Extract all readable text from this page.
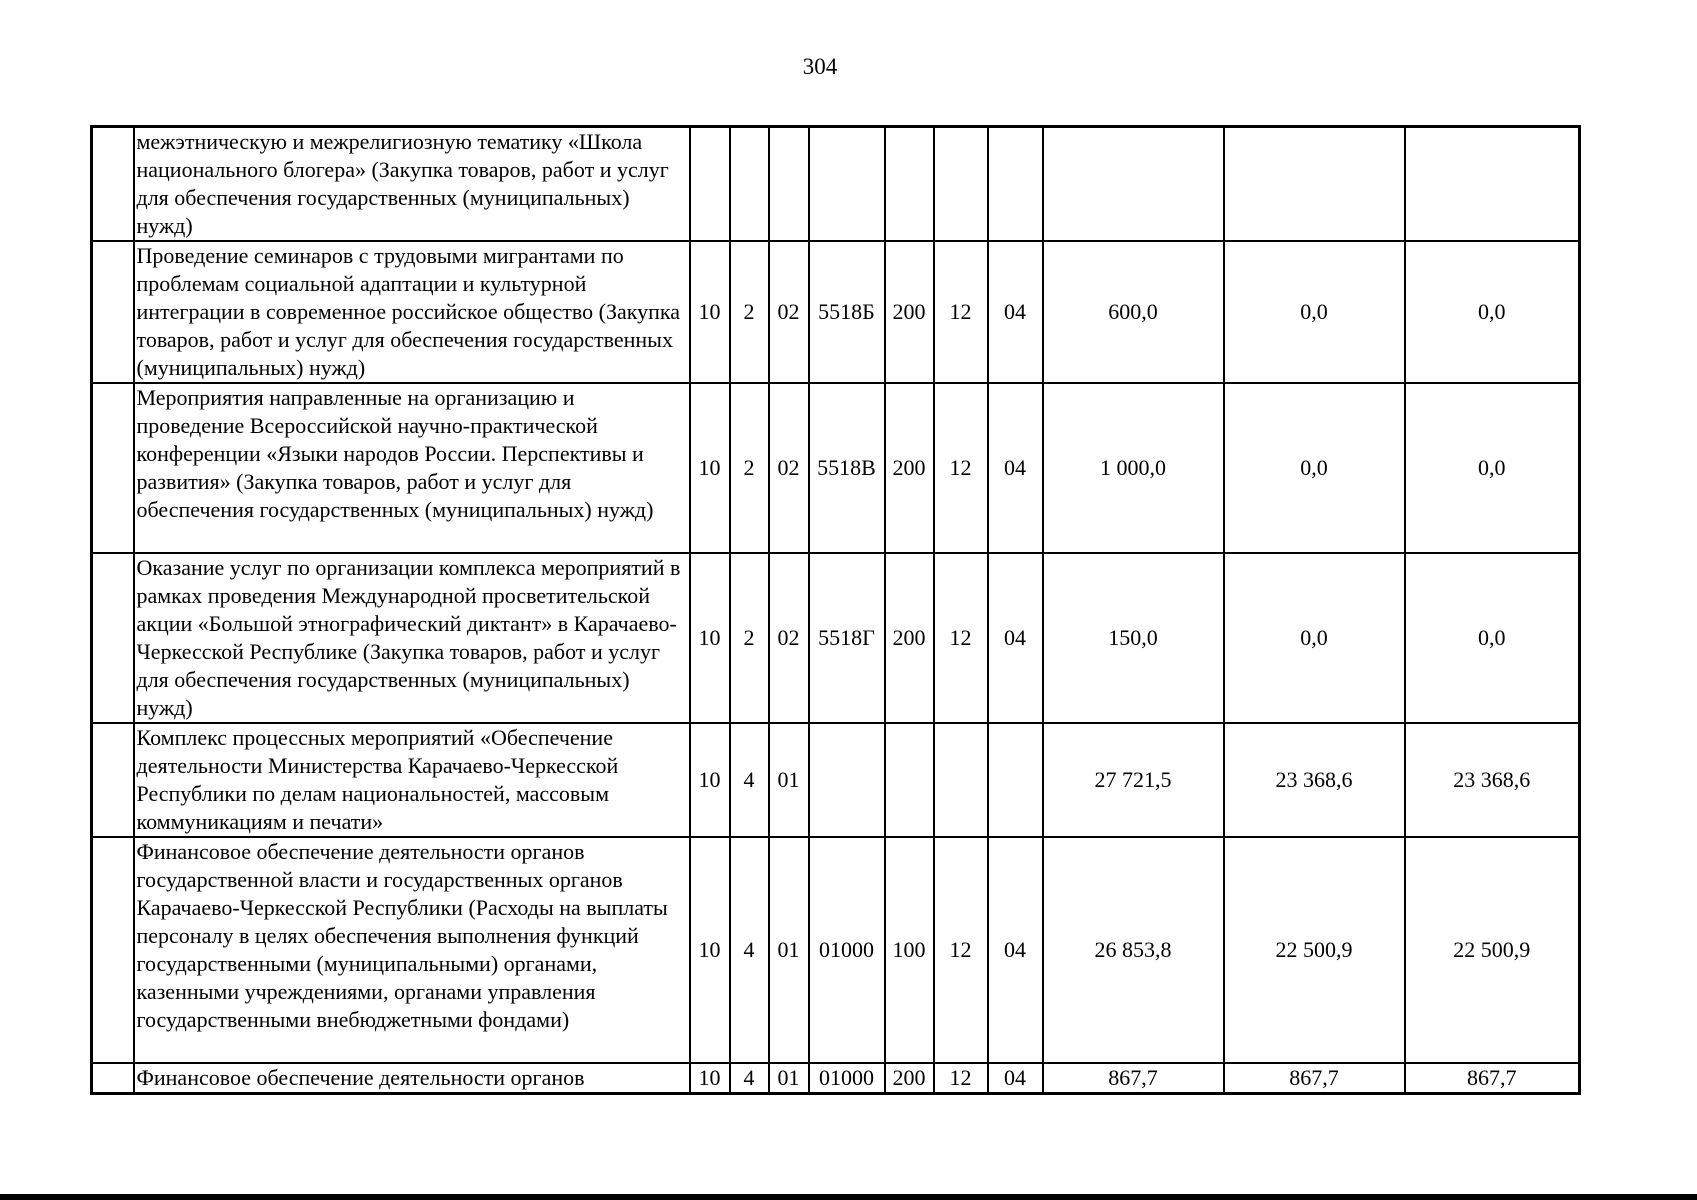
304
	межэтническую и межрелигиозную тематику «Школа национального блогера» (Закупка товаров, работ и услуг для обеспечения государственных (муниципальных) нужд)										
	Проведение семинаров с трудовыми мигрантами по проблемам социальной адаптации и культурной интеграции в современное российское общество (Закупка товаров, работ и услуг для обеспечения государственных (муниципальных) нужд)	10	2	02	5518Б	200	12	04	600,0	0,0	0,0
	Мероприятия направленные на организацию и проведение Всероссийской научно-практической конференции «Языки народов России. Перспективы и развития» (Закупка товаров, работ и услуг для обеспечения государственных (муниципальных) нужд)	10	2	02	5518В	200	12	04	1 000,0	0,0	0,0
	Оказание услуг по организации комплекса мероприятий в рамках проведения Международной просветительской акции «Большой этнографический диктант» в Карачаево-Черкесской Республике (Закупка товаров, работ и услуг для обеспечения государственных (муниципальных) нужд)	10	2	02	5518Г	200	12	04	150,0	0,0	0,0
	Комплекс процессных мероприятий «Обеспечение деятельности Министерства Карачаево-Черкесской Республики по делам национальностей, массовым коммуникациям и печати»	10	4	01					27 721,5	23 368,6	23 368,6
	Финансовое обеспечение деятельности органов государственной власти и государственных органов Карачаево-Черкесской Республики (Расходы на выплаты персоналу в целях обеспечения выполнения функций государственными (муниципальными) органами, казенными учреждениями, органами управления государственными внебюджетными фондами)	10	4	01	01000	100	12	04	26 853,8	22 500,9	22 500,9
	Финансовое обеспечение деятельности органов	10	4	01	01000	200	12	04	867,7	867,7	867,7
